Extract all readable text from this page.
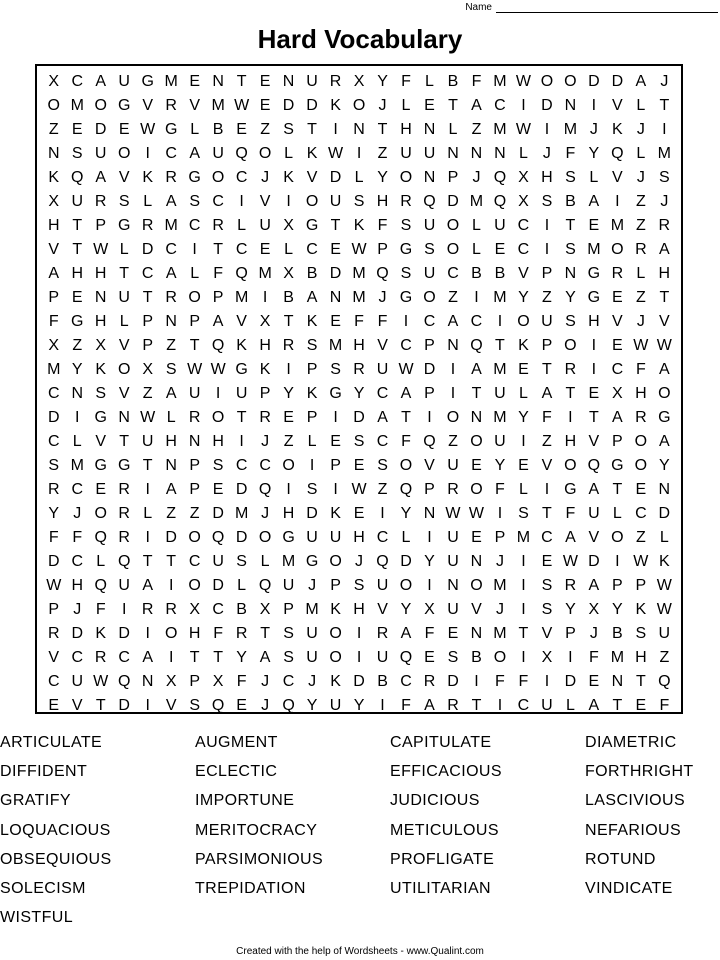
Name
Hard Vocabulary
X C A U G M E N T E N U R X Y F L B F M W O O D D A J
O M O G V R V M W E D D K O J L E T A C I D N I V L T
Z E D E W G L B E Z S T	I N T H N L Z M W I M J K J	I
N S U O I C A U Q O L K W I	Z U U N N N L J F Y Q L M
K Q A V K R G O C J K V D L Y O N P J Q X H S L V J S
X U R S L A S C I V I O U S H R Q D M Q X S B A I	Z J
H T P G R M C R L U X G T K F S U O L U C I	T E M Z R
V T W L D C I	T C E L C E W P G S O L E C I S M O R A
A H H T C A L F Q M X B D M Q S U C B B V P N G R L H
P E N U T R O P M I B A N M J G O Z	I M Y Z Y G E Z T
F G H L P N P A V X T K E F F	I C A C I O U S H V J V
X Z X V P Z T Q K H R S M H V C P N Q T K P O I E W W
M Y K O X S W W G K I P S R U W D I A M E T R I C F A
C N S V Z A U I U P Y K G Y C A P I	T U L A T E X H O
D I G N W L R O T R E P I D A T	I O N M Y F	I	T A R G
C L V T U H N H I	J Z L E S C F Q Z O U I	Z H V P O A
S M G G T N P S C C O I P E S O V U E Y E V O Q G O Y
R C E R I A P E D Q I S I W Z Q P R O F L	I G A T E N
Y J O R L Z Z D M J H D K E I Y N W W I S T F U L C D
F F Q R I D O Q D O G U U H C L	I U E P M C A V O Z L
D C L Q T T C U S L M G O J Q D Y U N J	I E W D I W K
W H Q U A I O D L Q U J P S U O I N O M I S R A P P W
P J F	I R R X C B X P M K H V Y X U V J	I S Y X Y K W
R D K D I O H F R T S U O I R A F E N M T V P J B S U
V C R C A I	T T Y A S U O I U Q E S B O I X I	F M H Z
C U W Q N X P X F J C J K D B C R D I	F F	I D E N T Q
E V T D I V S Q E J Q Y U Y I	F A R T	I C U L A T E F
ARTICULATE	AUGMENT	CAPITULATE	DIAMETRIC
DIFFIDENT	ECLECTIC	EFFICACIOUS	FORTHRIGHT
GRATIFY	IMPORTUNE	JUDICIOUS	LASCIVIOUS
LOQUACIOUS	MERITOCRACY	METICULOUS	NEFARIOUS
OBSEQUIOUS	PARSIMONIOUS	PROFLIGATE	ROTUND
SOLECISM	TREPIDATION	UTILITARIAN	VINDICATE
WISTFUL
Created with the help of Wordsheets - www.Qualint.com
